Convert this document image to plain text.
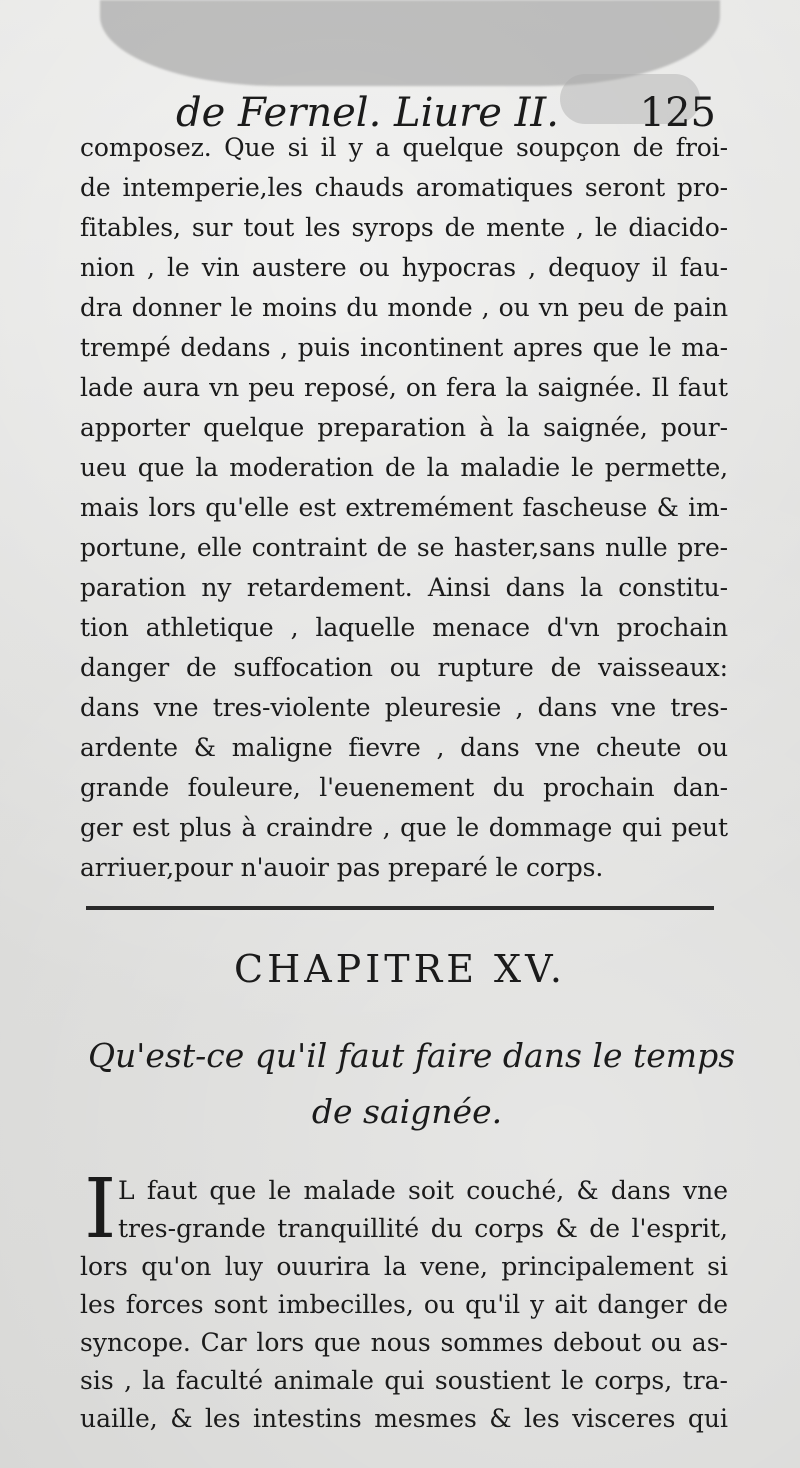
de Fernel. Liure II. 125
composez. Que si il y a quelque soupçon de froi-
de intemperie,les chauds aromatiques seront pro-
fitables, sur tout les syrops de mente , le diacido-
nion , le vin austere ou hypocras , dequoy il fau-
dra donner le moins du monde , ou vn peu de pain
trempé dedans , puis incontinent apres que le ma-
lade aura vn peu reposé, on fera la saignée. Il faut
apporter quelque preparation à la saignée, pour-
ueu que la moderation de la maladie le permette,
mais lors qu'elle est extremément fascheuse & im-
portune, elle contraint de se haster,sans nulle pre-
paration ny retardement. Ainsi dans la constitu-
tion athletique , laquelle menace d'vn prochain
danger de suffocation ou rupture de vaisseaux:
dans vne tres-violente pleuresie , dans vne tres-
ardente & maligne fievre , dans vne cheute ou
grande fouleure, l'euenement du prochain dan-
ger est plus à craindre , que le dommage qui peut
arriuer,pour n'auoir pas preparé le corps.
CHAPITRE XV.
Qu'est-ce qu'il faut faire dans le temps
de saignée.
I L faut que le malade soit couché, & dans vne
tres-grande tranquillité du corps & de l'esprit,
lors qu'on luy ouurira la vene, principalement si
les forces sont imbecilles, ou qu'il y ait danger de
syncope. Car lors que nous sommes debout ou as-
sis , la faculté animale qui soustient le corps, tra-
uaille, & les intestins mesmes & les visceres qui
